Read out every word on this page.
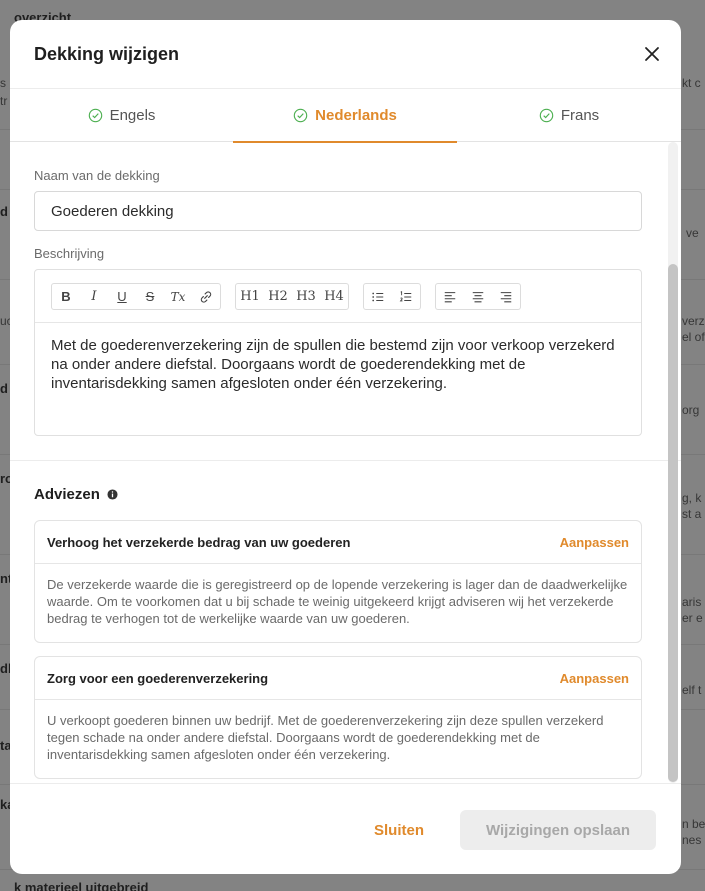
Dekking wijzigen
Engels	Nederlands	Frans
Naam van de dekking
Goederen dekking
Beschrijving
B	I	U	S	Tx	H1 H2 H3 H4
Met de goederenverzekering zijn de spullen die bestemd zijn voor verkoop verzekerd na onder andere diefstal. Doorgaans wordt de goederendekking met de inventarisdekking samen afgesloten onder één verzekering.
Adviezen
Verhoog het verzekerde bedrag van uw goederen	Aanpassen
De verzekerde waarde die is geregistreerd op de lopende verzekering is lager dan de daadwerkelijke waarde. Om te voorkomen dat u bij schade te weinig uitgekeerd krijgt adviseren wij het verzekerde bedrag te verhogen tot de werkelijke waarde van uw goederen.
Zorg voor een goederenverzekering	Aanpassen
U verkoopt goederen binnen uw bedrijf. Met de goederenverzekering zijn deze spullen verzekerd tegen schade na onder andere diefstal. Doorgaans wordt de goederendekking met de inventarisdekking samen afgesloten onder één verzekering.
Sluiten	Wijzigingen opslaan
